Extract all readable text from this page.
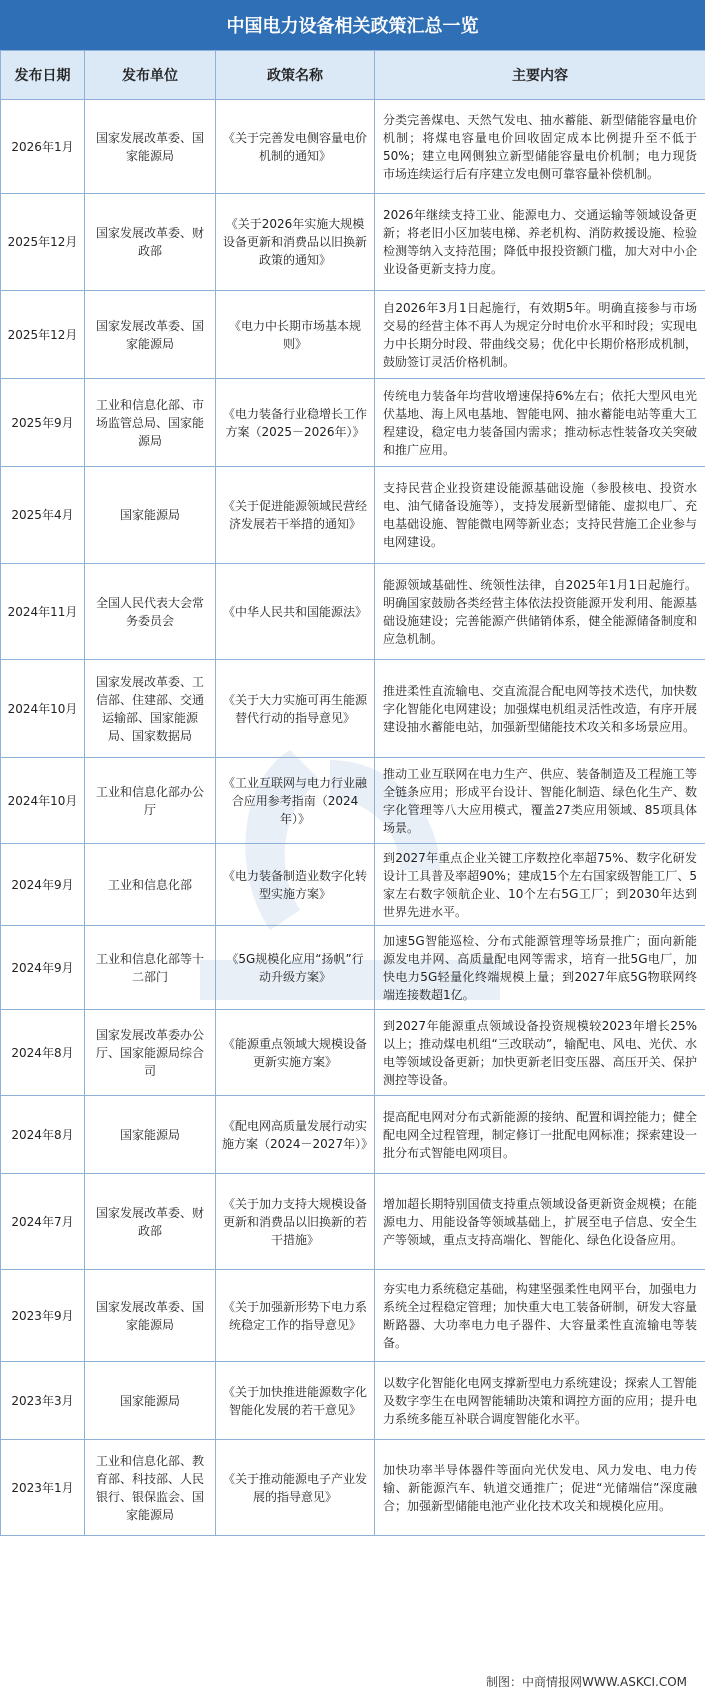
中国电力设备相关政策汇总一览
发布日期	发布单位	政策名称	主要内容
2026年1月	国家发展改革委、国家能源局	《关于完善发电侧容量电价机制的通知》	分类完善煤电、天然气发电、抽水蓄能、新型储能容量电价机制；将煤电容量电价回收固定成本比例提升至不低于50%；建立电网侧独立新型储能容量电价机制；电力现货市场连续运行后有序建立发电侧可靠容量补偿机制。
2025年12月	国家发展改革委、财政部	《关于2026年实施大规模设备更新和消费品以旧换新政策的通知》	2026年继续支持工业、能源电力、交通运输等领域设备更新；将老旧小区加装电梯、养老机构、消防救援设施、检验检测等纳入支持范围；降低申报投资额门槛，加大对中小企业设备更新支持力度。
2025年12月	国家发展改革委、国家能源局	《电力中长期市场基本规则》	自2026年3月1日起施行，有效期5年。明确直接参与市场交易的经营主体不再人为规定分时电价水平和时段；实现电力中长期分时段、带曲线交易；优化中长期价格形成机制，鼓励签订灵活价格机制。
2025年9月	工业和信息化部、市场监管总局、国家能源局	《电力装备行业稳增长工作方案（2025－2026年）》	传统电力装备年均营收增速保持6%左右；依托大型风电光伏基地、海上风电基地、智能电网、抽水蓄能电站等重大工程建设，稳定电力装备国内需求；推动标志性装备攻关突破和推广应用。
2025年4月	国家能源局	《关于促进能源领域民营经济发展若干举措的通知》	支持民营企业投资建设能源基础设施（参股核电、投资水电、油气储备设施等），支持发展新型储能、虚拟电厂、充电基础设施、智能微电网等新业态；支持民营施工企业参与电网建设。
2024年11月	全国人民代表大会常务委员会	《中华人民共和国能源法》	能源领域基础性、统领性法律，自2025年1月1日起施行。明确国家鼓励各类经营主体依法投资能源开发利用、能源基础设施建设；完善能源产供储销体系，健全能源储备制度和应急机制。
2024年10月	国家发展改革委、工信部、住建部、交通运输部、国家能源局、国家数据局	《关于大力实施可再生能源替代行动的指导意见》	推进柔性直流输电、交直流混合配电网等技术迭代，加快数字化智能化电网建设；加强煤电机组灵活性改造，有序开展建设抽水蓄能电站，加强新型储能技术攻关和多场景应用。
2024年10月	工业和信息化部办公厅	《工业互联网与电力行业融合应用参考指南（2024年）》	推动工业互联网在电力生产、供应、装备制造及工程施工等全链条应用；形成平台设计、智能化制造、绿色化生产、数字化管理等八大应用模式，覆盖27类应用领域、85项具体场景。
2024年9月	工业和信息化部	《电力装备制造业数字化转型实施方案》	到2027年重点企业关键工序数控化率超75%、数字化研发设计工具普及率超90%；建成15个左右国家级智能工厂、5家左右数字领航企业、10个左右5G工厂；到2030年达到世界先进水平。
2024年9月	工业和信息化部等十二部门	《5G规模化应用“扬帆”行动升级方案》	加速5G智能巡检、分布式能源管理等场景推广；面向新能源发电并网、高质量配电网等需求，培育一批5G电厂，加快电力5G轻量化终端规模上量；到2027年底5G物联网终端连接数超1亿。
2024年8月	国家发展改革委办公厅、国家能源局综合司	《能源重点领域大规模设备更新实施方案》	到2027年能源重点领域设备投资规模较2023年增长25%以上；推动煤电机组“三改联动”，输配电、风电、光伏、水电等领域设备更新；加快更新老旧变压器、高压开关、保护测控等设备。
2024年8月	国家能源局	《配电网高质量发展行动实施方案（2024－2027年）》	提高配电网对分布式新能源的接纳、配置和调控能力；健全配电网全过程管理，制定修订一批配电网标准；探索建设一批分布式智能电网项目。
2024年7月	国家发展改革委、财政部	《关于加力支持大规模设备更新和消费品以旧换新的若干措施》	增加超长期特别国债支持重点领域设备更新资金规模；在能源电力、用能设备等领域基础上，扩展至电子信息、安全生产等领域，重点支持高端化、智能化、绿色化设备应用。
2023年9月	国家发展改革委、国家能源局	《关于加强新形势下电力系统稳定工作的指导意见》	夯实电力系统稳定基础，构建坚强柔性电网平台，加强电力系统全过程稳定管理；加快重大电工装备研制，研发大容量断路器、大功率电力电子器件、大容量柔性直流输电等装备。
2023年3月	国家能源局	《关于加快推进能源数字化智能化发展的若干意见》	以数字化智能化电网支撑新型电力系统建设；探索人工智能及数字孪生在电网智能辅助决策和调控方面的应用；提升电力系统多能互补联合调度智能化水平。
2023年1月	工业和信息化部、教育部、科技部、人民银行、银保监会、国家能源局	《关于推动能源电子产业发展的指导意见》	加快功率半导体器件等面向光伏发电、风力发电、电力传输、新能源汽车、轨道交通推广；促进“光储端信”深度融合；加强新型储能电池产业化技术攻关和规模化应用。
制图：中商情报网WWW.ASKCI.COM
